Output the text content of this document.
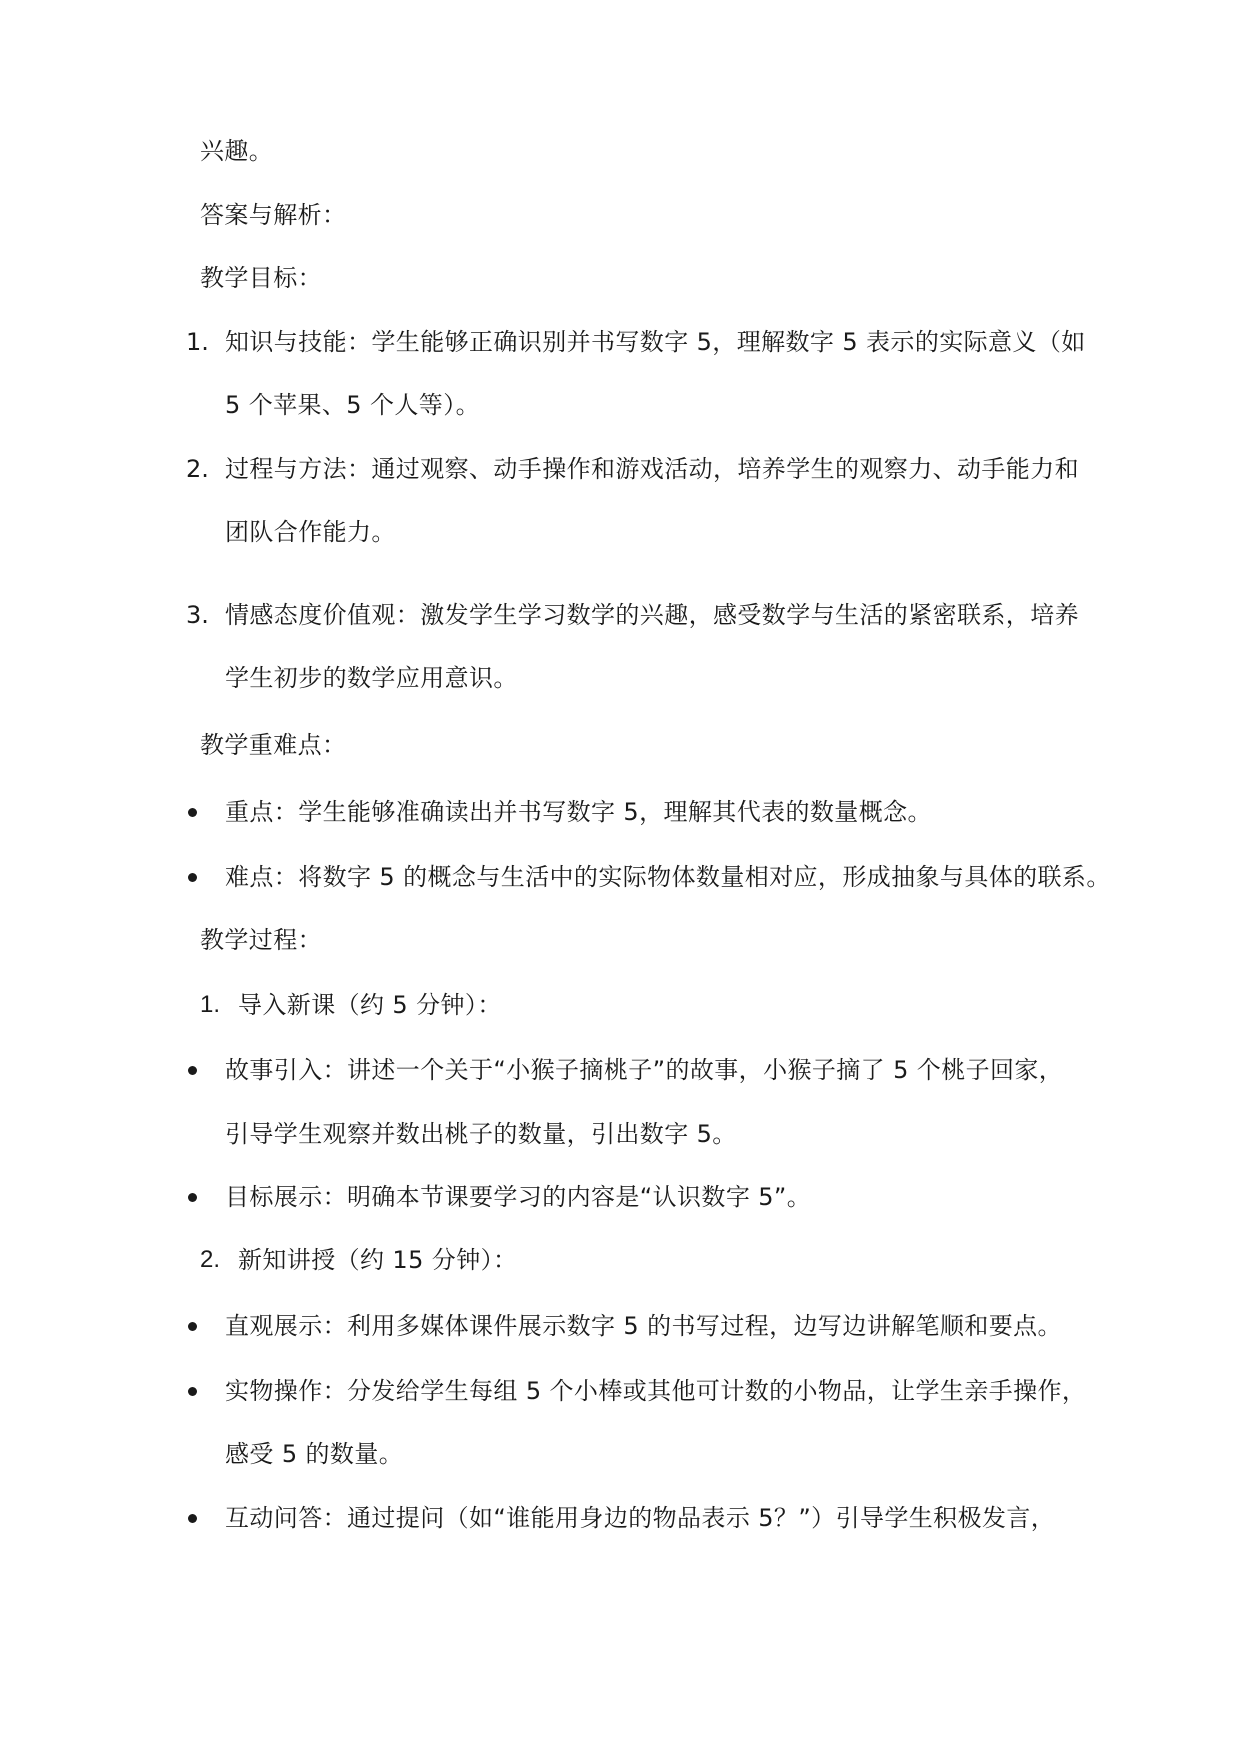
兴趣。
答案与解析：
教学目标：
1. 知识与技能：学生能够正确识别并书写数字 5，理解数字 5 表示的实际意义（如
5 个苹果、5 个人等）。
2. 过程与方法：通过观察、动手操作和游戏活动，培养学生的观察力、动手能力和
团队合作能力。
3. 情感态度价值观：激发学生学习数学的兴趣，感受数学与生活的紧密联系，培养
学生初步的数学应用意识。
教学重难点：
重点：学生能够准确读出并书写数字 5，理解其代表的数量概念。
难点：将数字 5 的概念与生活中的实际物体数量相对应，形成抽象与具体的联系。
教学过程：
1. 导入新课（约 5 分钟）：
故事引入：讲述一个关于“小猴子摘桃子”的故事，小猴子摘了 5 个桃子回家，
引导学生观察并数出桃子的数量，引出数字 5。
目标展示：明确本节课要学习的内容是“认识数字 5”。
2. 新知讲授（约 15 分钟）：
直观展示：利用多媒体课件展示数字 5 的书写过程，边写边讲解笔顺和要点。
实物操作：分发给学生每组 5 个小棒或其他可计数的小物品，让学生亲手操作，
感受 5 的数量。
互动问答：通过提问（如“谁能用身边的物品表示 5？”）引导学生积极发言，
